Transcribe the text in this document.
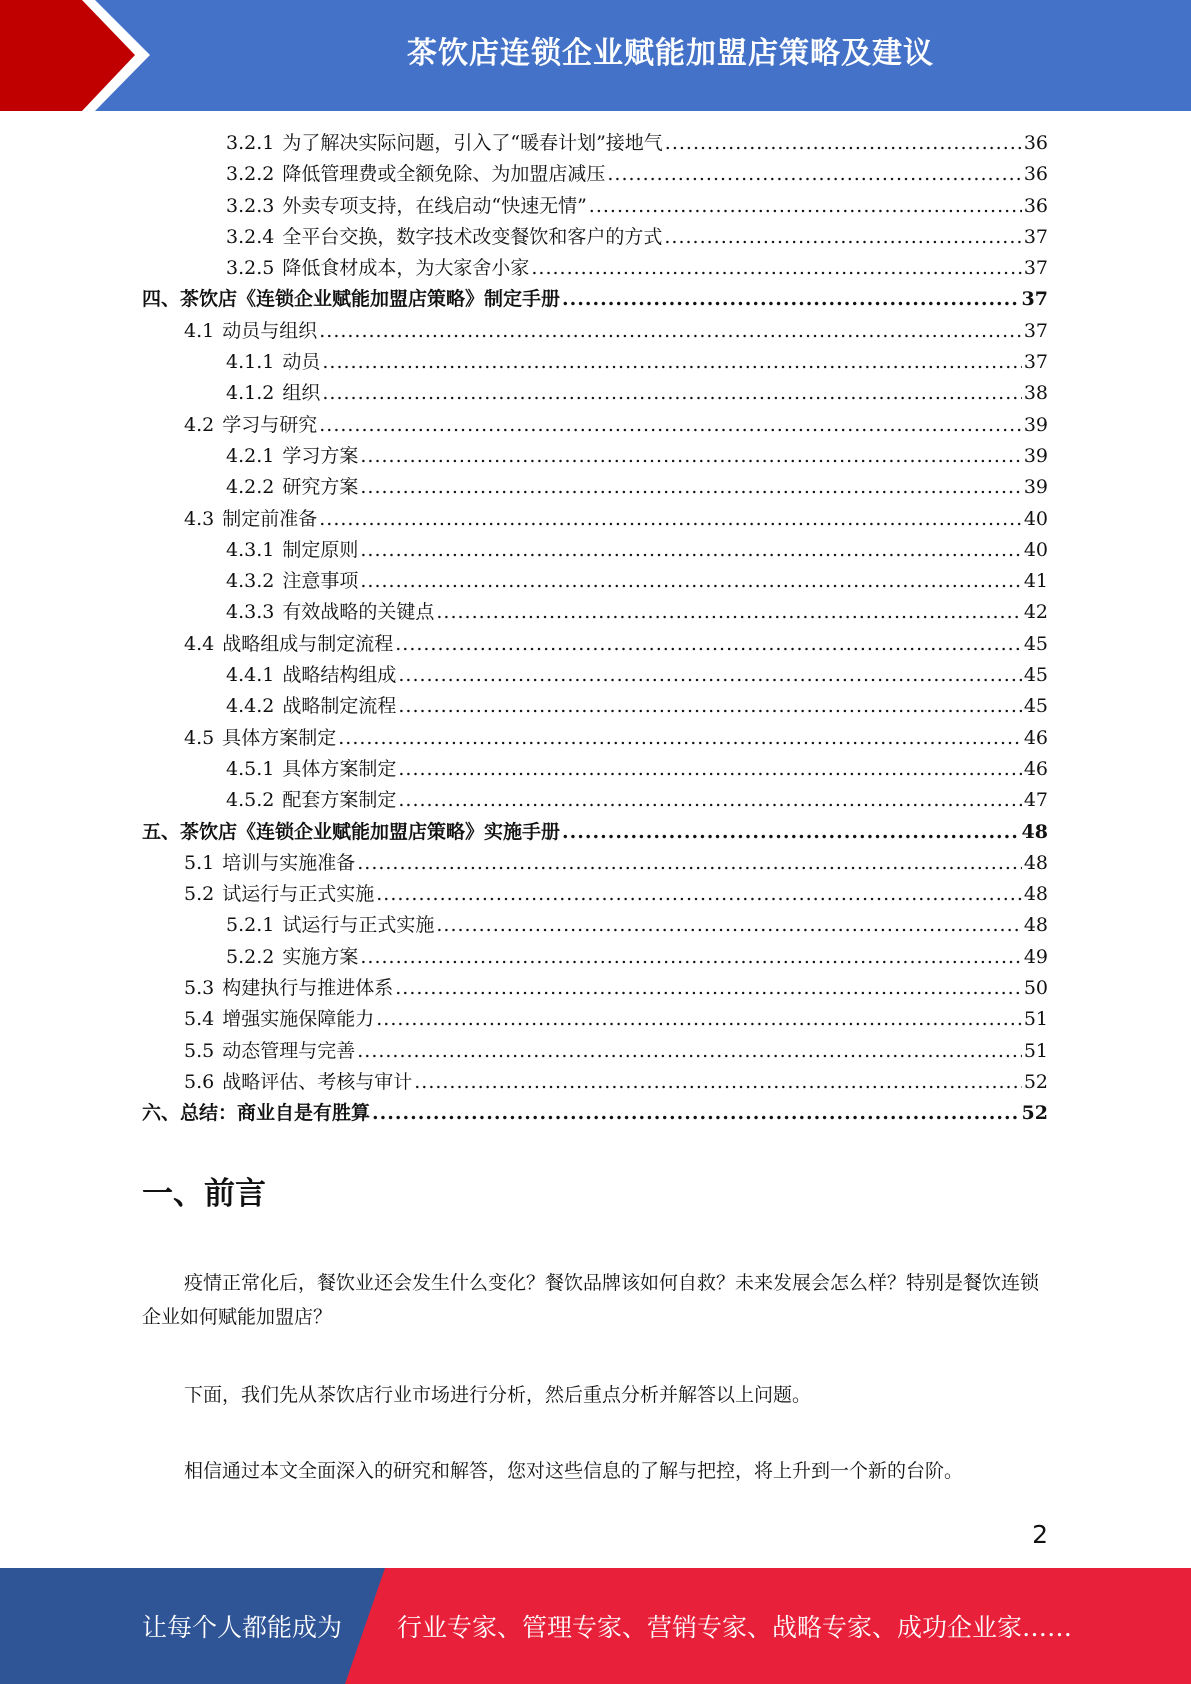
茶饮店连锁企业赋能加盟店策略及建议
3.2.1 为了解决实际问题，引入了“暖春计划”接地气 .....	36
3.2.2 降低管理费或全额免除、为加盟店减压 .....	36
3.2.3 外卖专项支持，在线启动“快速无情” .....	36
3.2.4 全平台交换，数字技术改变餐饮和客户的方式 .....	37
3.2.5 降低食材成本，为大家舍小家 .....	37
四、茶饮店《连锁企业赋能加盟店策略》制定手册 .....	37
4.1 动员与组织 .....	37
4.1.1 动员 .....	37
4.1.2 组织 .....	38
4.2 学习与研究 .....	39
4.2.1 学习方案 .....	39
4.2.2 研究方案 .....	39
4.3 制定前准备 .....	40
4.3.1 制定原则 .....	40
4.3.2 注意事项 .....	41
4.3.3 有效战略的关键点 .....	42
4.4 战略组成与制定流程 .....	45
4.4.1 战略结构组成 .....	45
4.4.2 战略制定流程 .....	45
4.5 具体方案制定 .....	46
4.5.1 具体方案制定 .....	46
4.5.2 配套方案制定 .....	47
五、茶饮店《连锁企业赋能加盟店策略》实施手册 .....	48
5.1 培训与实施准备 .....	48
5.2 试运行与正式实施 .....	48
5.2.1 试运行与正式实施 .....	48
5.2.2 实施方案 .....	49
5.3 构建执行与推进体系 .....	50
5.4 增强实施保障能力 .....	51
5.5 动态管理与完善 .....	51
5.6 战略评估、考核与审计 .....	52
六、总结：商业自是有胜算 .....	52
一、前言
疫情正常化后，餐饮业还会发生什么变化？餐饮品牌该如何自救？未来发展会怎么样？特别是餐饮连锁企业如何赋能加盟店？
下面，我们先从茶饮店行业市场进行分析，然后重点分析并解答以上问题。
相信通过本文全面深入的研究和解答，您对这些信息的了解与把控，将上升到一个新的台阶。
2
让每个人都能成为 行业专家、管理专家、营销专家、战略专家、成功企业家……
